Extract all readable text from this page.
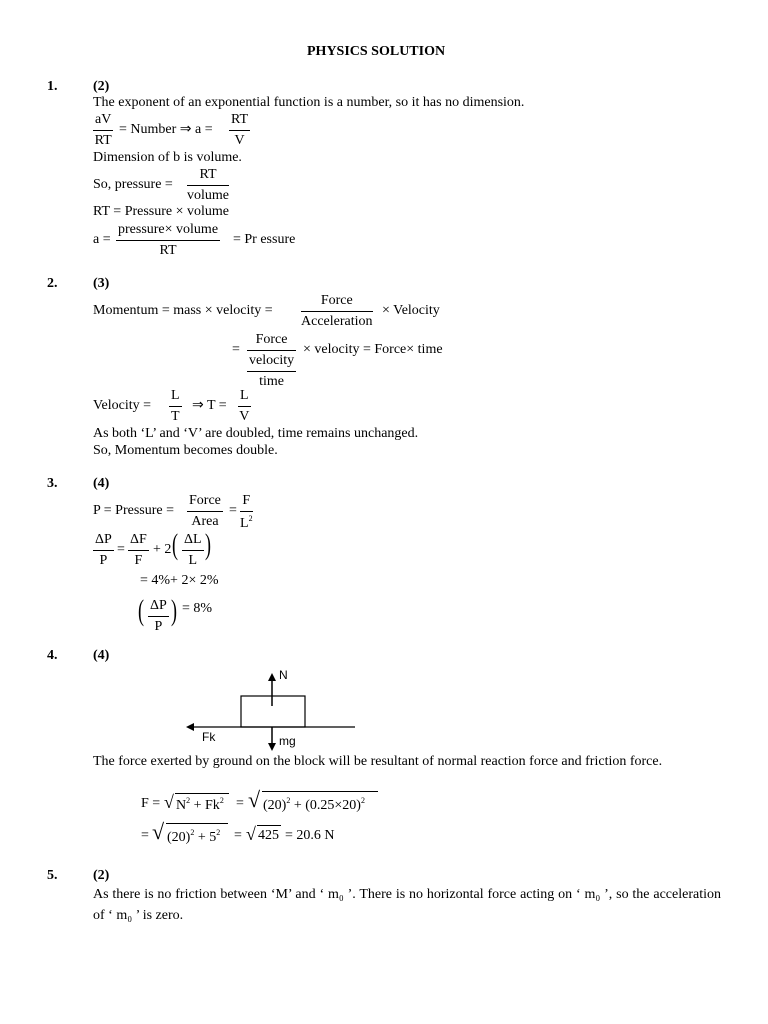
PHYSICS SOLUTION
1.	(2)
The exponent of an exponential function is a number, so it has no dimension.
$\frac{aV}{RT}$ = Number ⇒ $a = \frac{RT}{V}$
Dimension of b is volume.
So, pressure =
RT
volume
RT = Pressure × volume
a =
pressure× volume
RT
= Pr essure
2.	(3)
Momentum = mass × velocity =
Force
Acceleration
× Velocity
=
Force
velocity
time
× velocity = Force× time
Velocity = $\frac{L}{T}$ ⇒ $T = \frac{L}{V}$
As both ‘L’ and ‘V’ are doubled, time remains unchanged.
So, Momentum becomes double.
3.	(4)
P = Pressure =
Force
Area
= $\frac{F}{L^2}$
$\frac{\Delta P}{P} = \frac{\Delta F}{F} + 2$ ( $\frac{\Delta L}{L}$ )
= 4%+ 2× 2%
( $\frac{\Delta P}{P}$ ) = 8%
4.	(4)
N
Fk	mg
The force exerted by ground on the block will be resultant of normal reaction force and friction force.
F = √ $N^2 + Fk^2$ = √ $(20)^2 + (0.25\times 20)^2$
= √ $(20)^2 + 5^2$ = √ 425 = 20.6 N
5.	(2)
As there is no friction between ‘M’ and ‘ m₀ ’. There is no horizontal force acting on ‘ m₀ ’, so the acceleration of ‘ m₀ ’ is zero.
